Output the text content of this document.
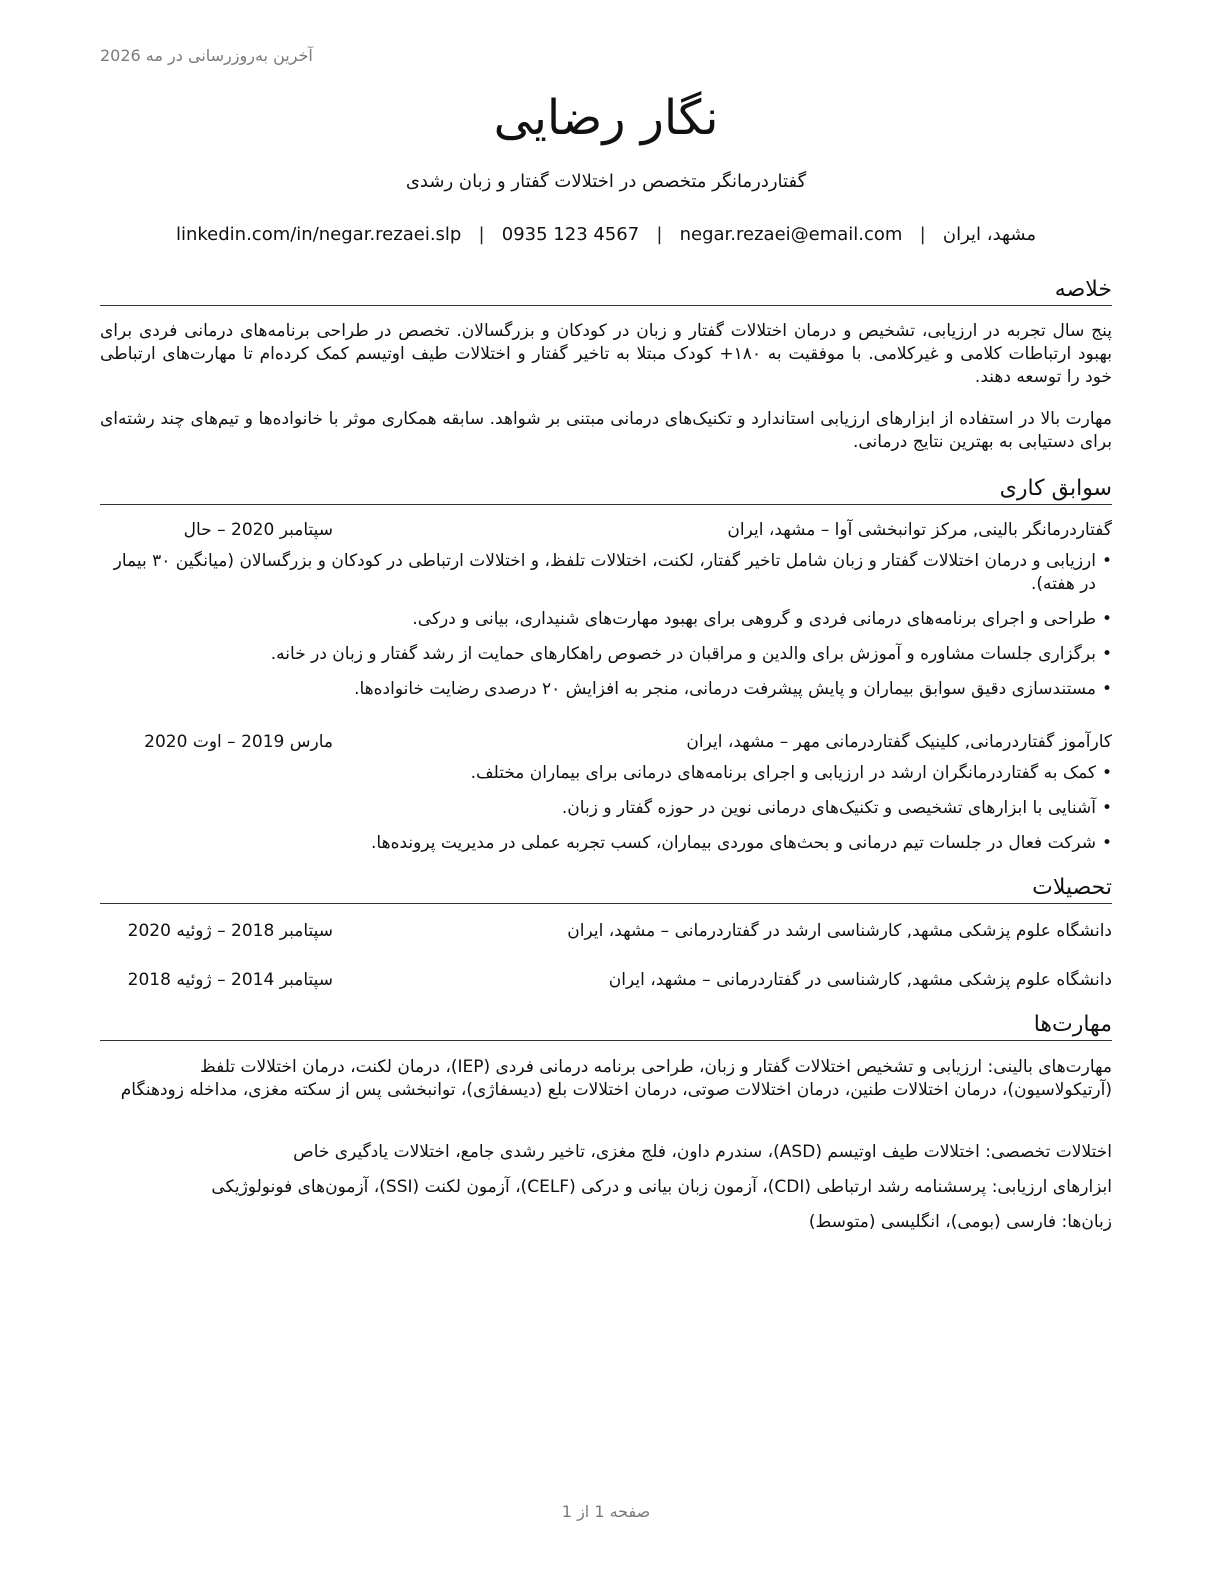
آخرین به‌روزرسانی در مه 2026
نگار رضایی
گفتاردرمانگر متخصص در اختلالات گفتار و زبان رشدی
مشهد، ایران   |   negar.rezaei@email.com   |   0935 123 4567   |   linkedin.com/in/negar.rezaei.slp
خلاصه
پنج سال تجربه در ارزیابی، تشخیص و درمان اختلالات گفتار و زبان در کودکان و بزرگسالان. تخصص در طراحی برنامه‌های درمانی فردی برای بهبود ارتباطات کلامی و غیرکلامی. با موفقیت به ۱۸۰+ کودک مبتلا به تاخیر گفتار و اختلالات طیف اوتیسم کمک کرده‌ام تا مهارت‌های ارتباطی خود را توسعه دهند.
مهارت بالا در استفاده از ابزارهای ارزیابی استاندارد و تکنیک‌های درمانی مبتنی بر شواهد. سابقه همکاری موثر با خانواده‌ها و تیم‌های چند رشته‌ای برای دستیابی به بهترین نتایج درمانی.
سوابق کاری
گفتاردرمانگر بالینی, مرکز توانبخشی آوا – مشهد، ایران
سپتامبر 2020 – حال
• ارزیابی و درمان اختلالات گفتار و زبان شامل تاخیر گفتار، لکنت، اختلالات تلفظ، و اختلالات ارتباطی در کودکان و بزرگسالان (میانگین ۳۰ بیمار در هفته).
• طراحی و اجرای برنامه‌های درمانی فردی و گروهی برای بهبود مهارت‌های شنیداری، بیانی و درکی.
• برگزاری جلسات مشاوره و آموزش برای والدین و مراقبان در خصوص راهکارهای حمایت از رشد گفتار و زبان در خانه.
• مستندسازی دقیق سوابق بیماران و پایش پیشرفت درمانی، منجر به افزایش ۲۰ درصدی رضایت خانواده‌ها.
کارآموز گفتاردرمانی, کلینیک گفتاردرمانی مهر – مشهد، ایران
مارس 2019 – اوت 2020
• کمک به گفتاردرمانگران ارشد در ارزیابی و اجرای برنامه‌های درمانی برای بیماران مختلف.
• آشنایی با ابزارهای تشخیصی و تکنیک‌های درمانی نوین در حوزه گفتار و زبان.
• شرکت فعال در جلسات تیم درمانی و بحث‌های موردی بیماران، کسب تجربه عملی در مدیریت پرونده‌ها.
تحصیلات
دانشگاه علوم پزشکی مشهد, کارشناسی ارشد در گفتاردرمانی – مشهد، ایران
سپتامبر 2018 – ژوئیه 2020
دانشگاه علوم پزشکی مشهد, کارشناسی در گفتاردرمانی – مشهد، ایران
سپتامبر 2014 – ژوئیه 2018
مهارت‌ها
مهارت‌های بالینی: ارزیابی و تشخیص اختلالات گفتار و زبان، طراحی برنامه درمانی فردی (IEP)، درمان لکنت، درمان اختلالات تلفظ (آرتیکولاسیون)، درمان اختلالات طنین، درمان اختلالات صوتی، درمان اختلالات بلع (دیسفاژی)، توانبخشی پس از سکته مغزی، مداخله زودهنگام
اختلالات تخصصی: اختلالات طیف اوتیسم (ASD)، سندرم داون، فلج مغزی، تاخیر رشدی جامع، اختلالات یادگیری خاص
ابزارهای ارزیابی: پرسشنامه رشد ارتباطی (CDI)، آزمون زبان بیانی و درکی (CELF)، آزمون لکنت (SSI)، آزمون‌های فونولوژیکی
زبان‌ها: فارسی (بومی)، انگلیسی (متوسط)
صفحه 1 از 1
